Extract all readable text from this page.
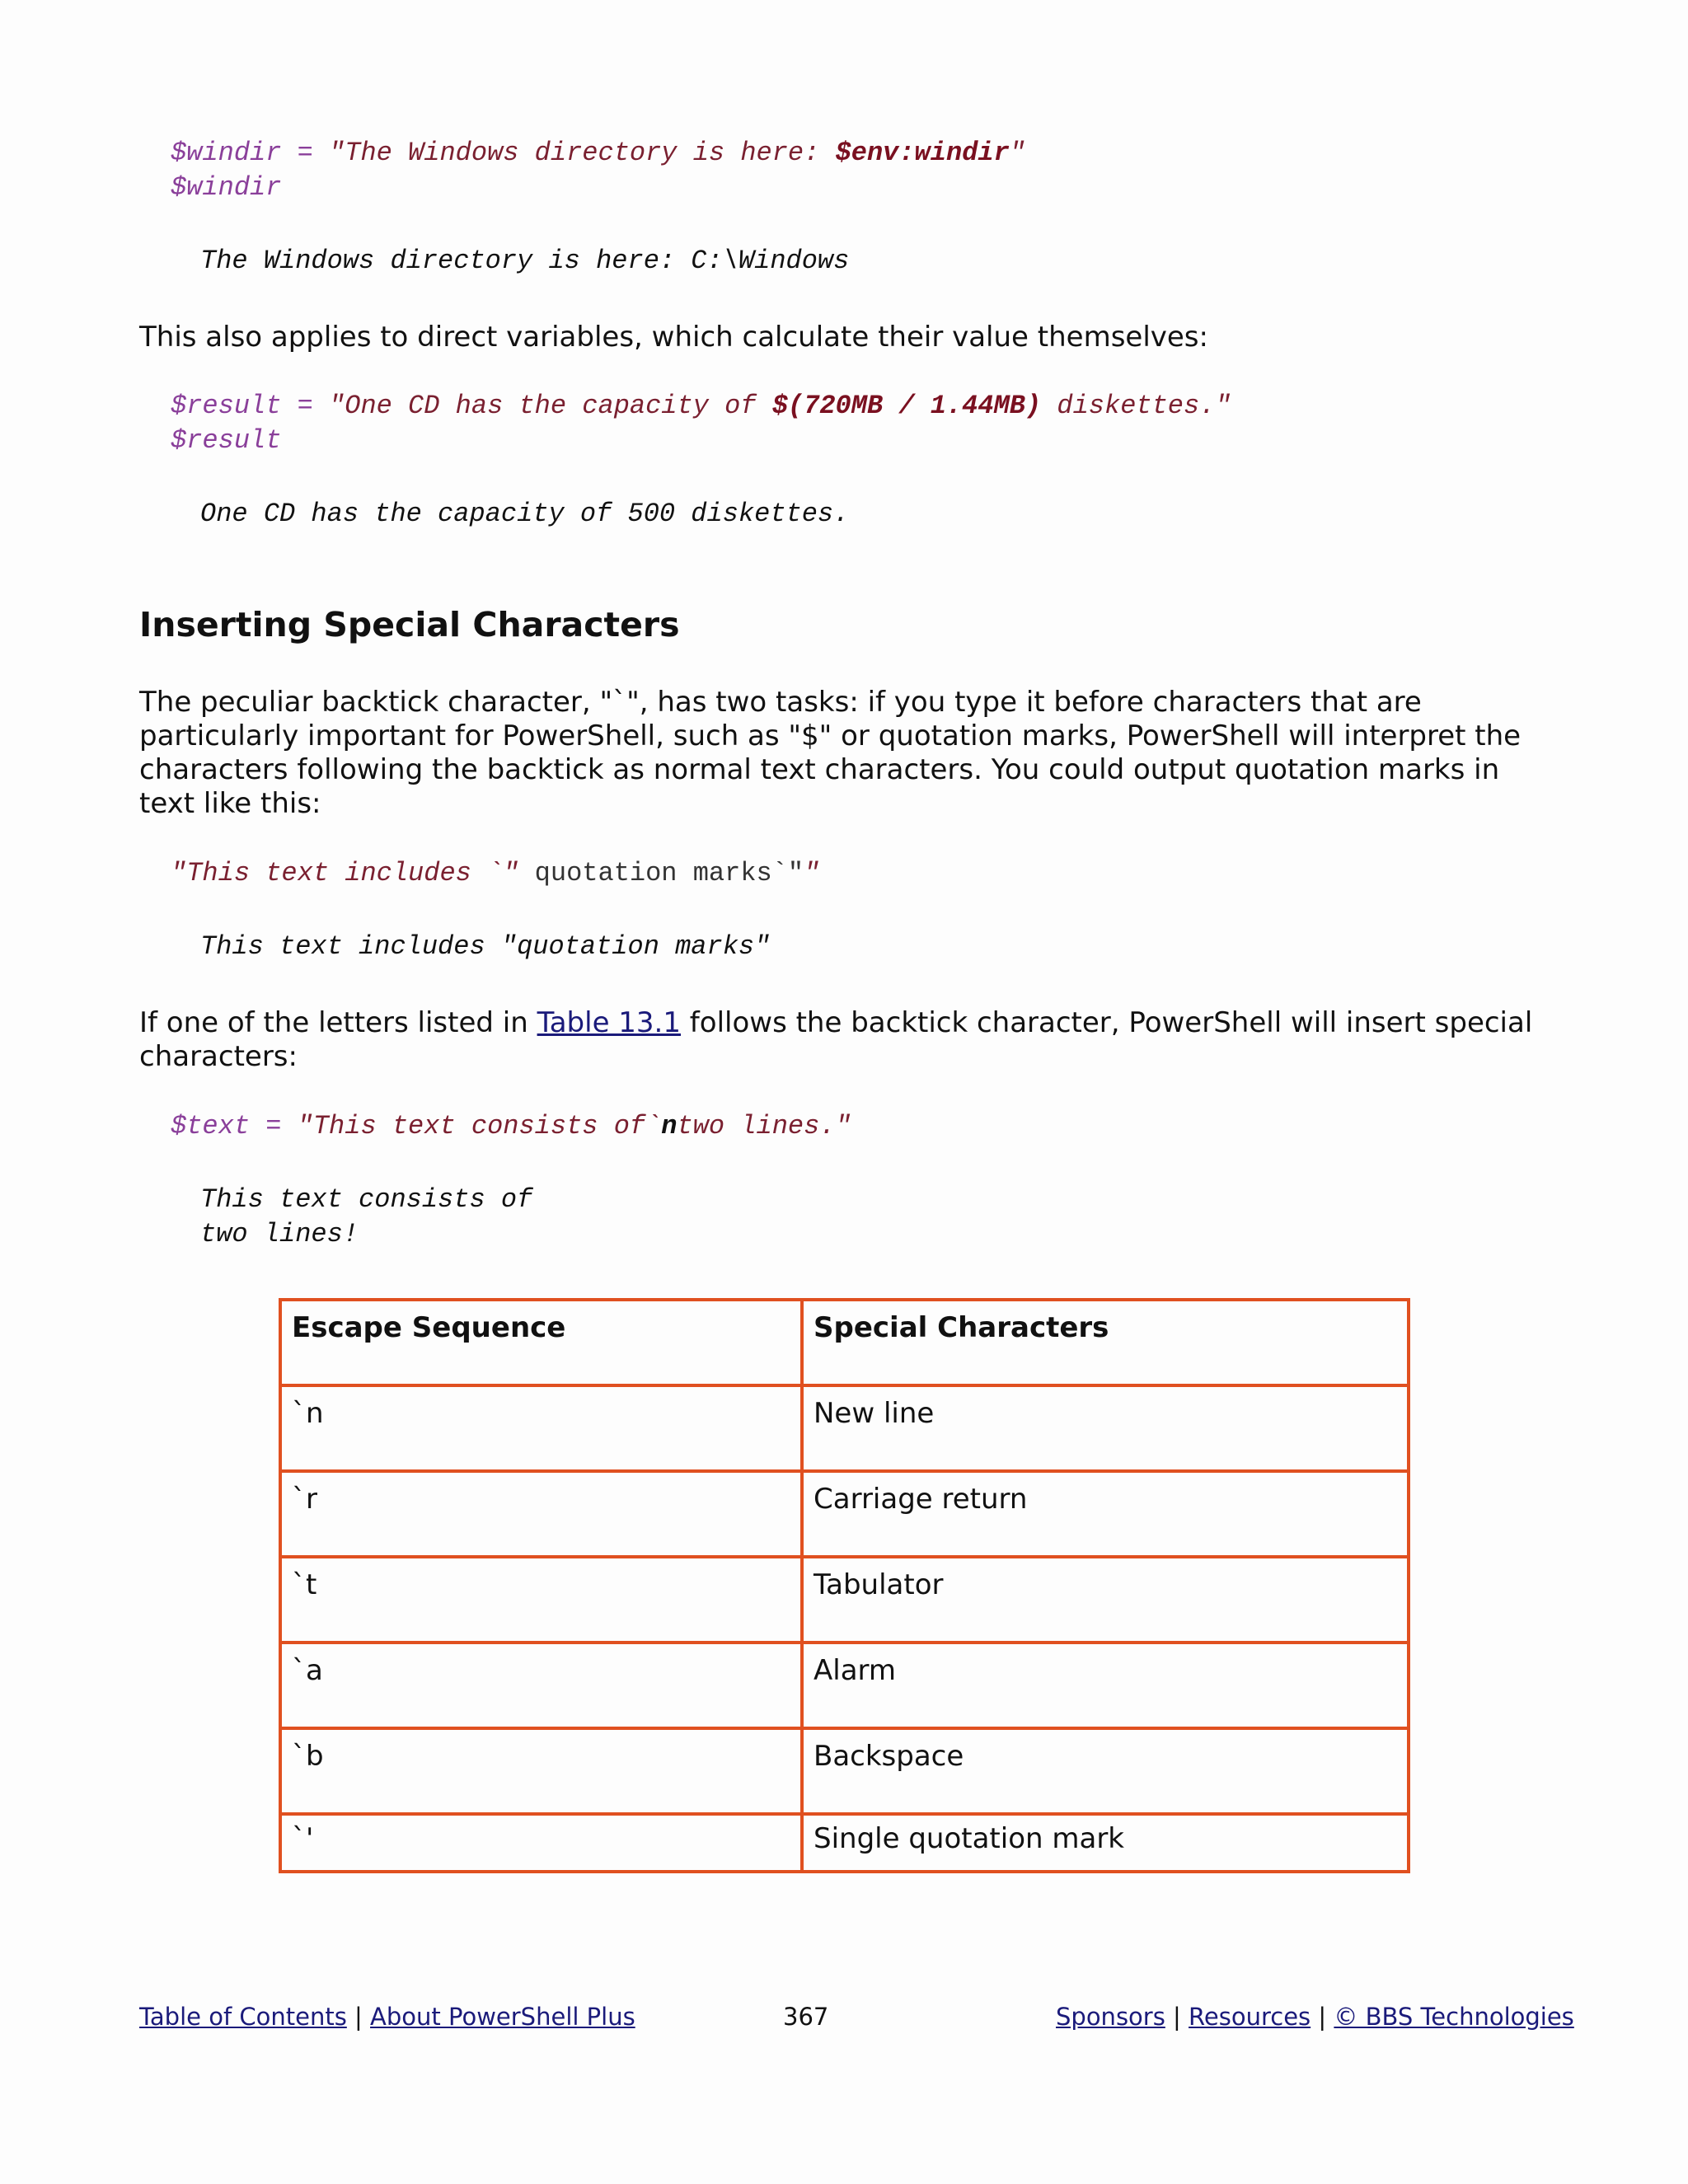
$windir = "The Windows directory is here: $env:windir"
$windir
The Windows directory is here: C:\Windows
This also applies to direct variables, which calculate their value themselves:
$result = "One CD has the capacity of $(720MB / 1.44MB) diskettes."
$result
One CD has the capacity of 500 diskettes.
Inserting Special Characters
The peculiar backtick character, "`", has two tasks: if you type it before characters that are particularly important for PowerShell, such as "$" or quotation marks, PowerShell will interpret the characters following the backtick as normal text characters. You could output quotation marks in text like this:
"This text includes `" quotation marks`""
This text includes "quotation marks"
If one of the letters listed in Table 13.1 follows the backtick character, PowerShell will insert special characters:
$text = "This text consists of`ntwo lines."
This text consists of
two lines!
Escape Sequence	Special Characters
`n	New line
`r	Carriage return
`t	Tabulator
`a	Alarm
`b	Backspace
`'	Single quotation mark
Table of Contents | About PowerShell Plus	367	Sponsors | Resources | © BBS Technologies
